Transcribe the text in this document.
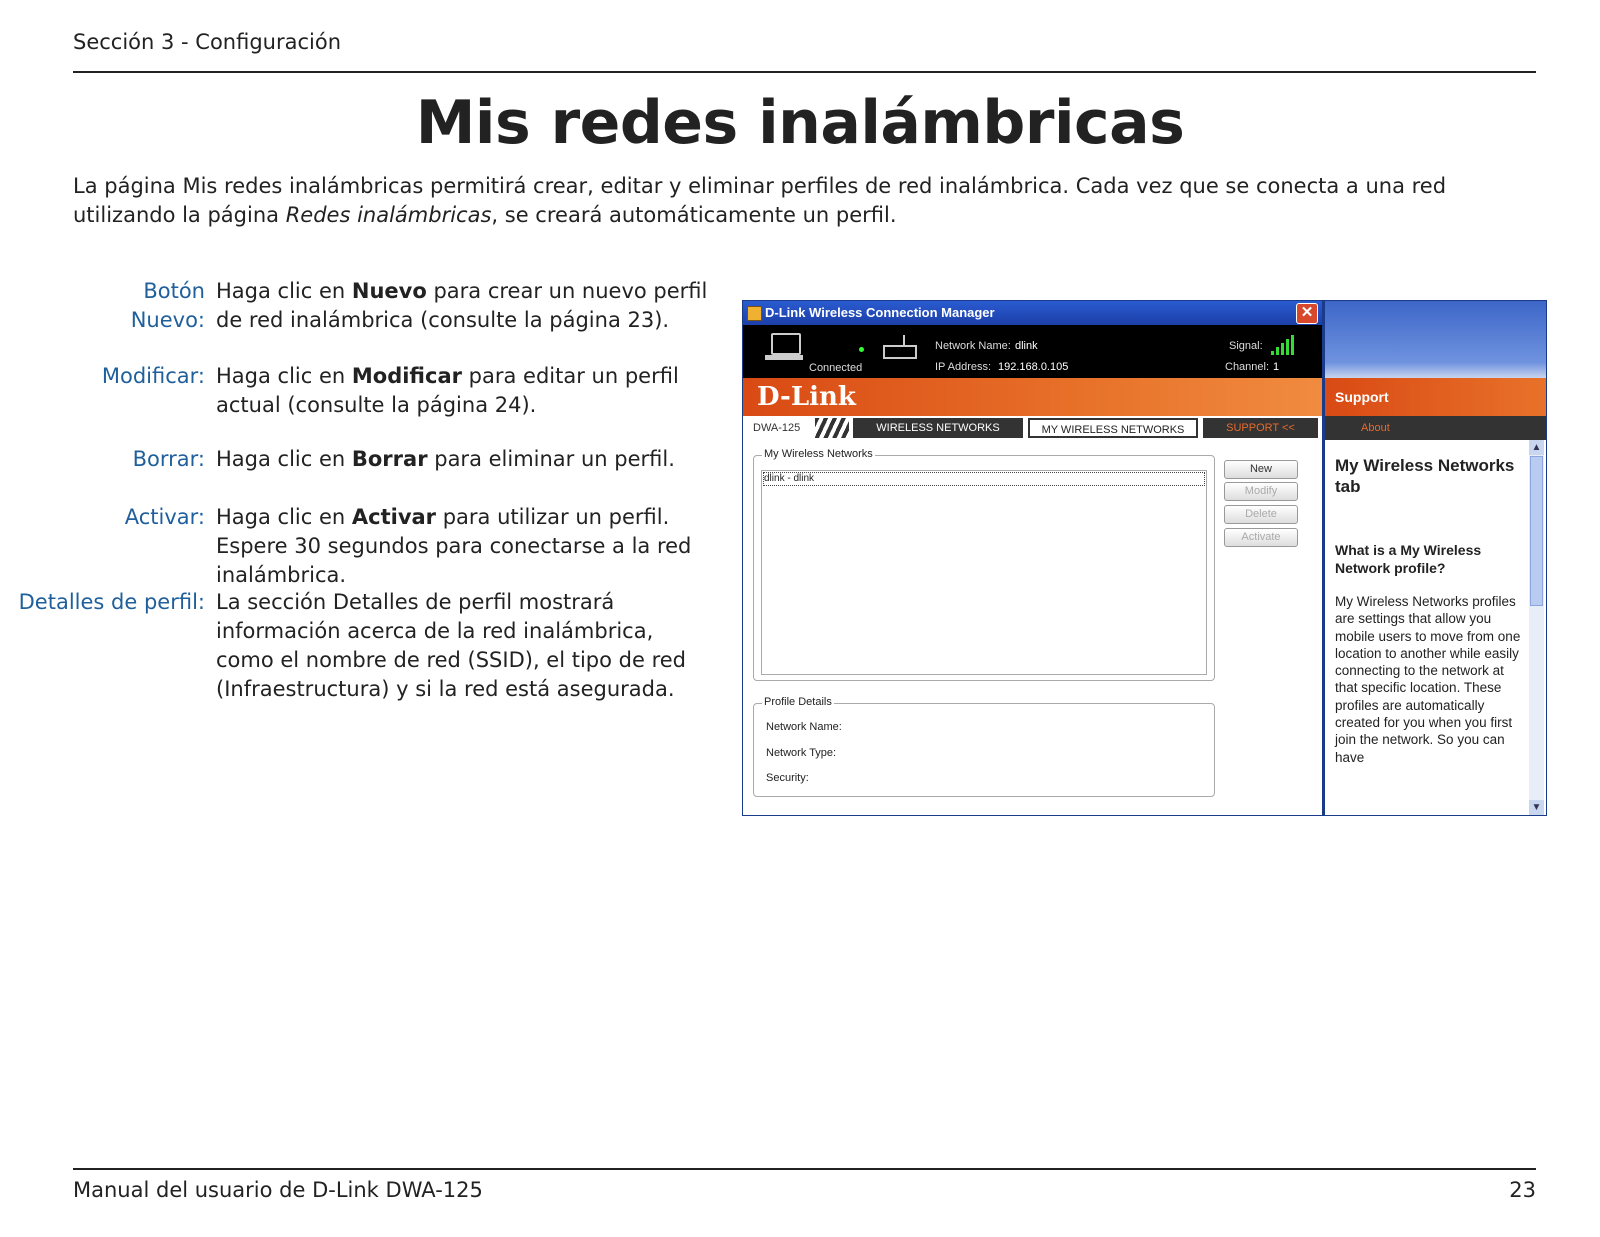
Sección 3 - Configuración
Mis redes inalámbricas
La página Mis redes inalámbricas permitirá crear, editar y eliminar perfiles de red inalámbrica. Cada vez que se conecta a una red utilizando la página Redes inalámbricas, se creará automáticamente un perfil.
Botón
Nuevo:
Haga clic en Nuevo para crear un nuevo perfil de red inalámbrica (consulte la página 23).
Modificar: Haga clic en Modificar para editar un perfil actual (consulte la página 24).
Borrar: Haga clic en Borrar para eliminar un perfil.
Activar: Haga clic en Activar para utilizar un perfil. Espere 30 segundos para conectarse a la red inalámbrica.
Detalles de perfil: La sección Detalles de perfil mostrará información acerca de la red inalámbrica, como el nombre de red (SSID), el tipo de red (Infraestructura) y si la red está asegurada.
D-Link Wireless Connection Manager	✕
Connected
Network Name: dlink
IP Address: 192.168.0.105
Signal:
Channel: 1
D-Link
DWA-125	WIRELESS NETWORKS	MY WIRELESS NETWORKS	SUPPORT <<
My Wireless Networks
dlink - dlink
New
Modify
Delete
Activate
Profile Details
Network Name:
Network Type:
Security:
Support
About
My Wireless Networks tab
What is a My Wireless Network profile?
My Wireless Networks profiles are settings that allow you mobile users to move from one location to another while easily connecting to the network at that specific location. These profiles are automatically created for you when you first join the network. So you can have
▲
▼
Manual del usuario de D-Link DWA-125	23
